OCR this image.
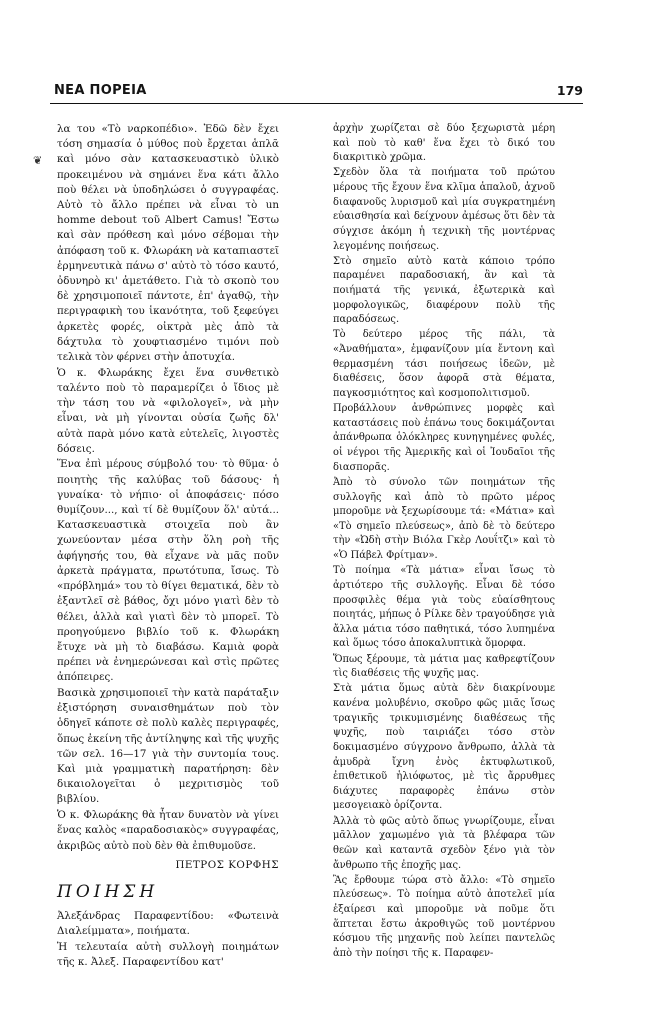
ΝΕΑ ΠΟΡΕΙΑ	179
❦

λα του «Τὸ ναρκοπέδιο». Ἐδῶ δὲν ἔχει τόση σημασία ὁ μύθος ποὺ ἔρχεται ἁπλᾶ καὶ μόνο σὰν κατασκευαστικὸ ὑλικὸ προκειμένου νὰ σημάνει ἕνα κάτι ἄλλο ποὺ θέλει νὰ ὑποδηλώσει ὁ συγγραφέας. Αὐτὸ τὸ ἄλλο πρέπει νὰ εἶναι τὸ un homme debout τοῦ Albert Camus! Ἔστω καὶ σὰν πρόθεση καὶ μόνο σέβομαι τὴν ἀπόφαση τοῦ κ. Φλωράκη νὰ καταπιαστεῖ ἑρμηνευτικὰ πάνω σ' αὐτὸ τὸ τόσο καυτό, ὀδυνηρὸ κι' ἀμετάθετο. Γιὰ τὸ σκοπὸ του δὲ χρησιμοποιεῖ πάντοτε, ἐπ' ἀγαθῷ, τὴν περιγραφικὴ του ἱκανότητα, τοῦ ξεφεύγει ἀρκετὲς φορές, οἰκτρὰ μὲς ἀπὸ τὰ δάχτυλα τὸ χουφτιασμένο τιμόνι ποὺ τελικὰ τὸν φέρνει στὴν ἀποτυχία.

Ὁ κ. Φλωράκης ἔχει ἕνα συνθετικὸ ταλέντο ποὺ τὸ παραμερίζει ὁ ἴδιος μὲ τὴν τάση του νὰ «φιλολογεῖ», νὰ μὴν εἶναι, νὰ μὴ γίνονται οὐσία ζωῆς δλ' αὐτὰ παρὰ μόνο κατὰ εὐτελεῖς, λιγοστὲς δόσεις.

Ἕνα ἐπὶ μέρους σύμβολό του· τὸ θῦμα· ὁ ποιητὴς τῆς καλύβας τοῦ δάσους· ἡ γυναίκα· τὸ νήπιο· οἱ ἀποφάσεις· πόσο θυμίζουν..., καὶ τί δὲ θυμίζουν ὅλ' αὐτά... Κατασκευαστικὰ στοιχεῖα ποὺ ἂν χωνεύονταν μέσα στὴν ὅλη ροὴ τῆς ἀφήγησής του, θὰ εἶχανε νὰ μᾶς ποῦν ἀρκετὰ πράγματα, πρωτότυπα, ἴσως. Τὸ «πρόβλημά» του τὸ θίγει θεματικά, δὲν τὸ ἐξαντλεῖ σὲ βάθος, ὄχι μόνο γιατὶ δὲν τὸ θέλει, ἀλλὰ καὶ γιατὶ δὲν τὸ μπορεῖ. Τὸ προηγούμενο βιβλίο τοῦ κ. Φλωράκη ἔτυχε νὰ μὴ τὸ διαβάσω. Καμιὰ φορὰ πρέπει νὰ ἐνημερώνεσαι καὶ στὶς πρῶτες ἀπόπειρες.

Βασικὰ χρησιμοποιεῖ τὴν κατὰ παράταξιν ἐξιστόρηση συναισθημάτων ποὺ τὸν ὁδηγεῖ κάποτε σὲ πολὺ καλὲς περιγραφές, ὅπως ἐκείνη τῆς ἀντίληψης καὶ τῆς ψυχῆς τῶν σελ. 16—17 γιὰ τὴν συντομία τους. Καὶ μιὰ γραμματικὴ παρατήρηση: δὲν δικαιολογεῖται ὁ μεχριτισμὸς τοῦ βιβλίου.

Ὁ κ. Φλωράκης θὰ ἦταν δυνατὸν νὰ γίνει ἕνας καλὸς «παραδοσιακὸς» συγγραφέας, ἀκριβῶς αὐτὸ ποὺ δὲν θὰ ἐπιθυμοῦσε.

ΠΕΤΡΟΣ ΚΟΡΦΗΣ

ΠΟΙΗΣΗ

Ἀλεξάνδρας Παραφεντίδου: «Φωτεινὰ Διαλείμματα», ποιήματα.

Ἡ τελευταία αὐτὴ συλλογὴ ποιημάτων τῆς κ. Ἀλεξ. Παραφεντίδου κατ'

ἀρχὴν χωρίζεται σὲ δύο ξεχωριστὰ μέρη καὶ ποὺ τὸ καθ' ἕνα ἔχει τὸ δικό του διακριτικὸ χρῶμα.

Σχεδὸν ὅλα τὰ ποιήματα τοῦ πρώτου μέρους τῆς ἔχουν ἕνα κλῖμα ἁπαλοῦ, ἀχνοῦ διαφανοῦς λυρισμοῦ καὶ μία συγκρατημένη εὐαισθησία καὶ δείχνουν ἀμέσως ὅτι δὲν τὰ σύγχισε ἀκόμη ἡ τεχνικὴ τῆς μοντέρνας λεγομένης ποιήσεως.

Στὸ σημεῖο αὐτὸ κατὰ κάποιο τρόπο παραμένει παραδοσιακή, ἂν καὶ τὰ ποιήματά τῆς γενικά, ἐξωτερικὰ καὶ μορφολογικῶς, διαφέρουν πολὺ τῆς παραδόσεως.

Τὸ δεύτερο μέρος τῆς πάλι, τὰ «Ἀναθήματα», ἐμφανίζουν μία ἔντονη καὶ θερμασμένη τάσι ποιήσεως ἰδεῶν, μὲ διαθέσεις, ὅσον ἀφορᾶ στὰ θέματα, παγκοσμιότητος καὶ κοσμοπολιτισμοῦ.

Προβάλλουν ἀνθρώπινες μορφὲς καὶ καταστάσεις ποὺ ἐπάνω τους δοκιμάζονται ἀπάνθρωπα ὁλόκληρες κυνηγημένες φυλές, οἱ νέγροι τῆς Ἀμερικῆς καὶ οἱ Ἰουδαῖοι τῆς διασπορᾶς.

Ἀπὸ τὸ σύνολο τῶν ποιημάτων τῆς συλλογῆς καὶ ἀπὸ τὸ πρῶτο μέρος μποροῦμε νὰ ξεχωρίσουμε τά: «Μάτια» καὶ «Τὸ σημεῖο πλεύσεως», ἀπὸ δὲ τὸ δεύτερο τὴν «Ὠδὴ στὴν Βιόλα Γκὲρ Λουΐτζι» καὶ τὸ «Ὁ Πάβελ Φρίτμαν».

Τὸ ποίημα «Τὰ μάτια» εἶναι ἴσως τὸ ἀρτιότερο τῆς συλλογῆς. Εἶναι δὲ τόσο προσφιλὲς θέμα γιὰ τοὺς εὐαίσθητους ποιητάς, μήπως ὁ Ρίλκε δὲν τραγούδησε γιὰ ἄλλα μάτια τόσο παθητικά, τόσο λυπημένα καὶ ὅμως τόσο ἀποκαλυπτικὰ ὅμορφα.

Ὅπως ξέρουμε, τὰ μάτια μας καθρεφτίζουν τὶς διαθέσεις τῆς ψυχῆς μας.

Στὰ μάτια ὅμως αὐτὰ δὲν διακρίνουμε κανένα μολυβένιο, σκοῦρο φῶς μιᾶς ἴσως τραγικῆς τρικυμισμένης διαθέσεως τῆς ψυχῆς, ποὺ ταιριάζει τόσο στὸν δοκιμασμένο σύγχρονο ἄνθρωπο, ἀλλὰ τὰ ἀμυδρὰ ἴχνη ἑνὸς ἐκτυφλωτικοῦ, ἐπιθετικοῦ ἡλιόφωτος, μὲ τὶς ἄρρυθμες διάχυτες παραφορὲς ἐπάνω στὸν μεσογειακὸ ὁρίζοντα.

Ἀλλὰ τὸ φῶς αὐτὸ ὅπως γνωρίζουμε, εἶναι μᾶλλον χαμωμένο γιὰ τὰ βλέφαρα τῶν θεῶν καὶ καταντᾶ σχεδὸν ξένο γιὰ τὸν ἄνθρωπο τῆς ἐποχῆς μας.

Ἂς ἔρθουμε τώρα στὸ ἄλλο: «Τὸ σημεῖο πλεύσεως». Τὸ ποίημα αὐτὸ ἀποτελεῖ μία ἐξαίρεσι καὶ μποροῦμε νὰ ποῦμε ὅτι ἅπτεται ἔστω ἀκροθιγῶς τοῦ μοντέρνου κόσμου τῆς μηχανῆς ποὺ λείπει παντελῶς ἀπὸ τὴν ποίησι τῆς κ. Παραφεν-
